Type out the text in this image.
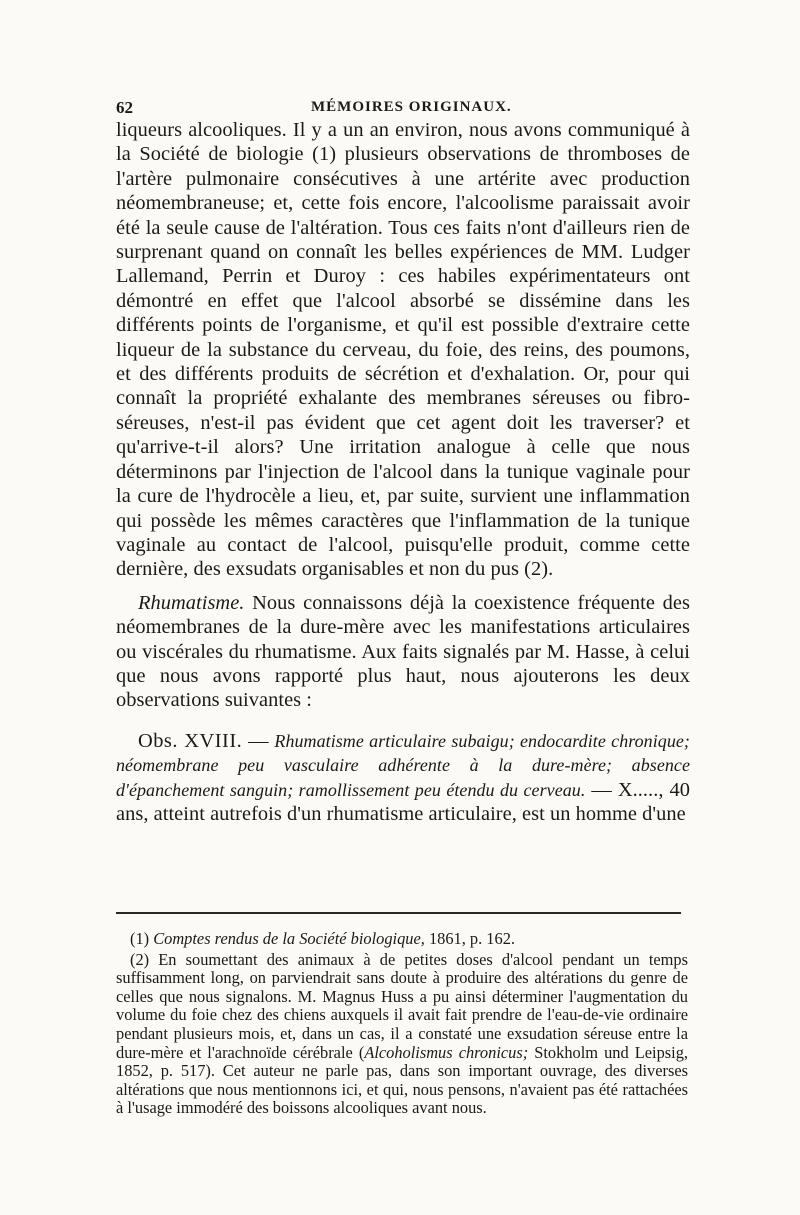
62	MÉMOIRES ORIGINAUX.

liqueurs alcooliques. Il y a un an environ, nous avons communiqué à la Société de biologie (1) plusieurs observations de thromboses de l'artère pulmonaire consécutives à une artérite avec production néomembraneuse; et, cette fois encore, l'alcoolisme paraissait avoir été la seule cause de l'altération. Tous ces faits n'ont d'ailleurs rien de surprenant quand on connaît les belles expériences de MM. Ludger Lallemand, Perrin et Duroy : ces habiles expérimentateurs ont démontré en effet que l'alcool absorbé se dissémine dans les différents points de l'organisme, et qu'il est possible d'extraire cette liqueur de la substance du cerveau, du foie, des reins, des poumons, et des différents produits de sécrétion et d'exhalation. Or, pour qui connaît la propriété exhalante des membranes séreuses ou fibro-séreuses, n'est-il pas évident que cet agent doit les traverser? et qu'arrive-t-il alors? Une irritation analogue à celle que nous déterminons par l'injection de l'alcool dans la tunique vaginale pour la cure de l'hydrocèle a lieu, et, par suite, survient une inflammation qui possède les mêmes caractères que l'inflammation de la tunique vaginale au contact de l'alcool, puisqu'elle produit, comme cette dernière, des exsudats organisables et non du pus (2).

Rhumatisme. Nous connaissons déjà la coexistence fréquente des néomembranes de la dure-mère avec les manifestations articulaires ou viscérales du rhumatisme. Aux faits signalés par M. Hasse, à celui que nous avons rapporté plus haut, nous ajouterons les deux observations suivantes :

Obs. XVIII. — Rhumatisme articulaire subaigu; endocardite chronique; néomembrane peu vasculaire adhérente à la dure-mère; absence d'épanchement sanguin; ramollissement peu étendu du cerveau. — X....., 40 ans, atteint autrefois d'un rhumatisme articulaire, est un homme d'une

(1) Comptes rendus de la Société biologique, 1861, p. 162.

(2) En soumettant des animaux à de petites doses d'alcool pendant un temps suffisamment long, on parviendrait sans doute à produire des altérations du genre de celles que nous signalons. M. Magnus Huss a pu ainsi déterminer l'augmentation du volume du foie chez des chiens auxquels il avait fait prendre de l'eau-de-vie ordinaire pendant plusieurs mois, et, dans un cas, il a constaté une exsudation séreuse entre la dure-mère et l'arachnoïde cérébrale (Alcoholismus chronicus; Stokholm und Leipsig, 1852, p. 517). Cet auteur ne parle pas, dans son important ouvrage, des diverses altérations que nous mentionnons ici, et qui, nous pensons, n'avaient pas été rattachées à l'usage immodéré des boissons alcooliques avant nous.
